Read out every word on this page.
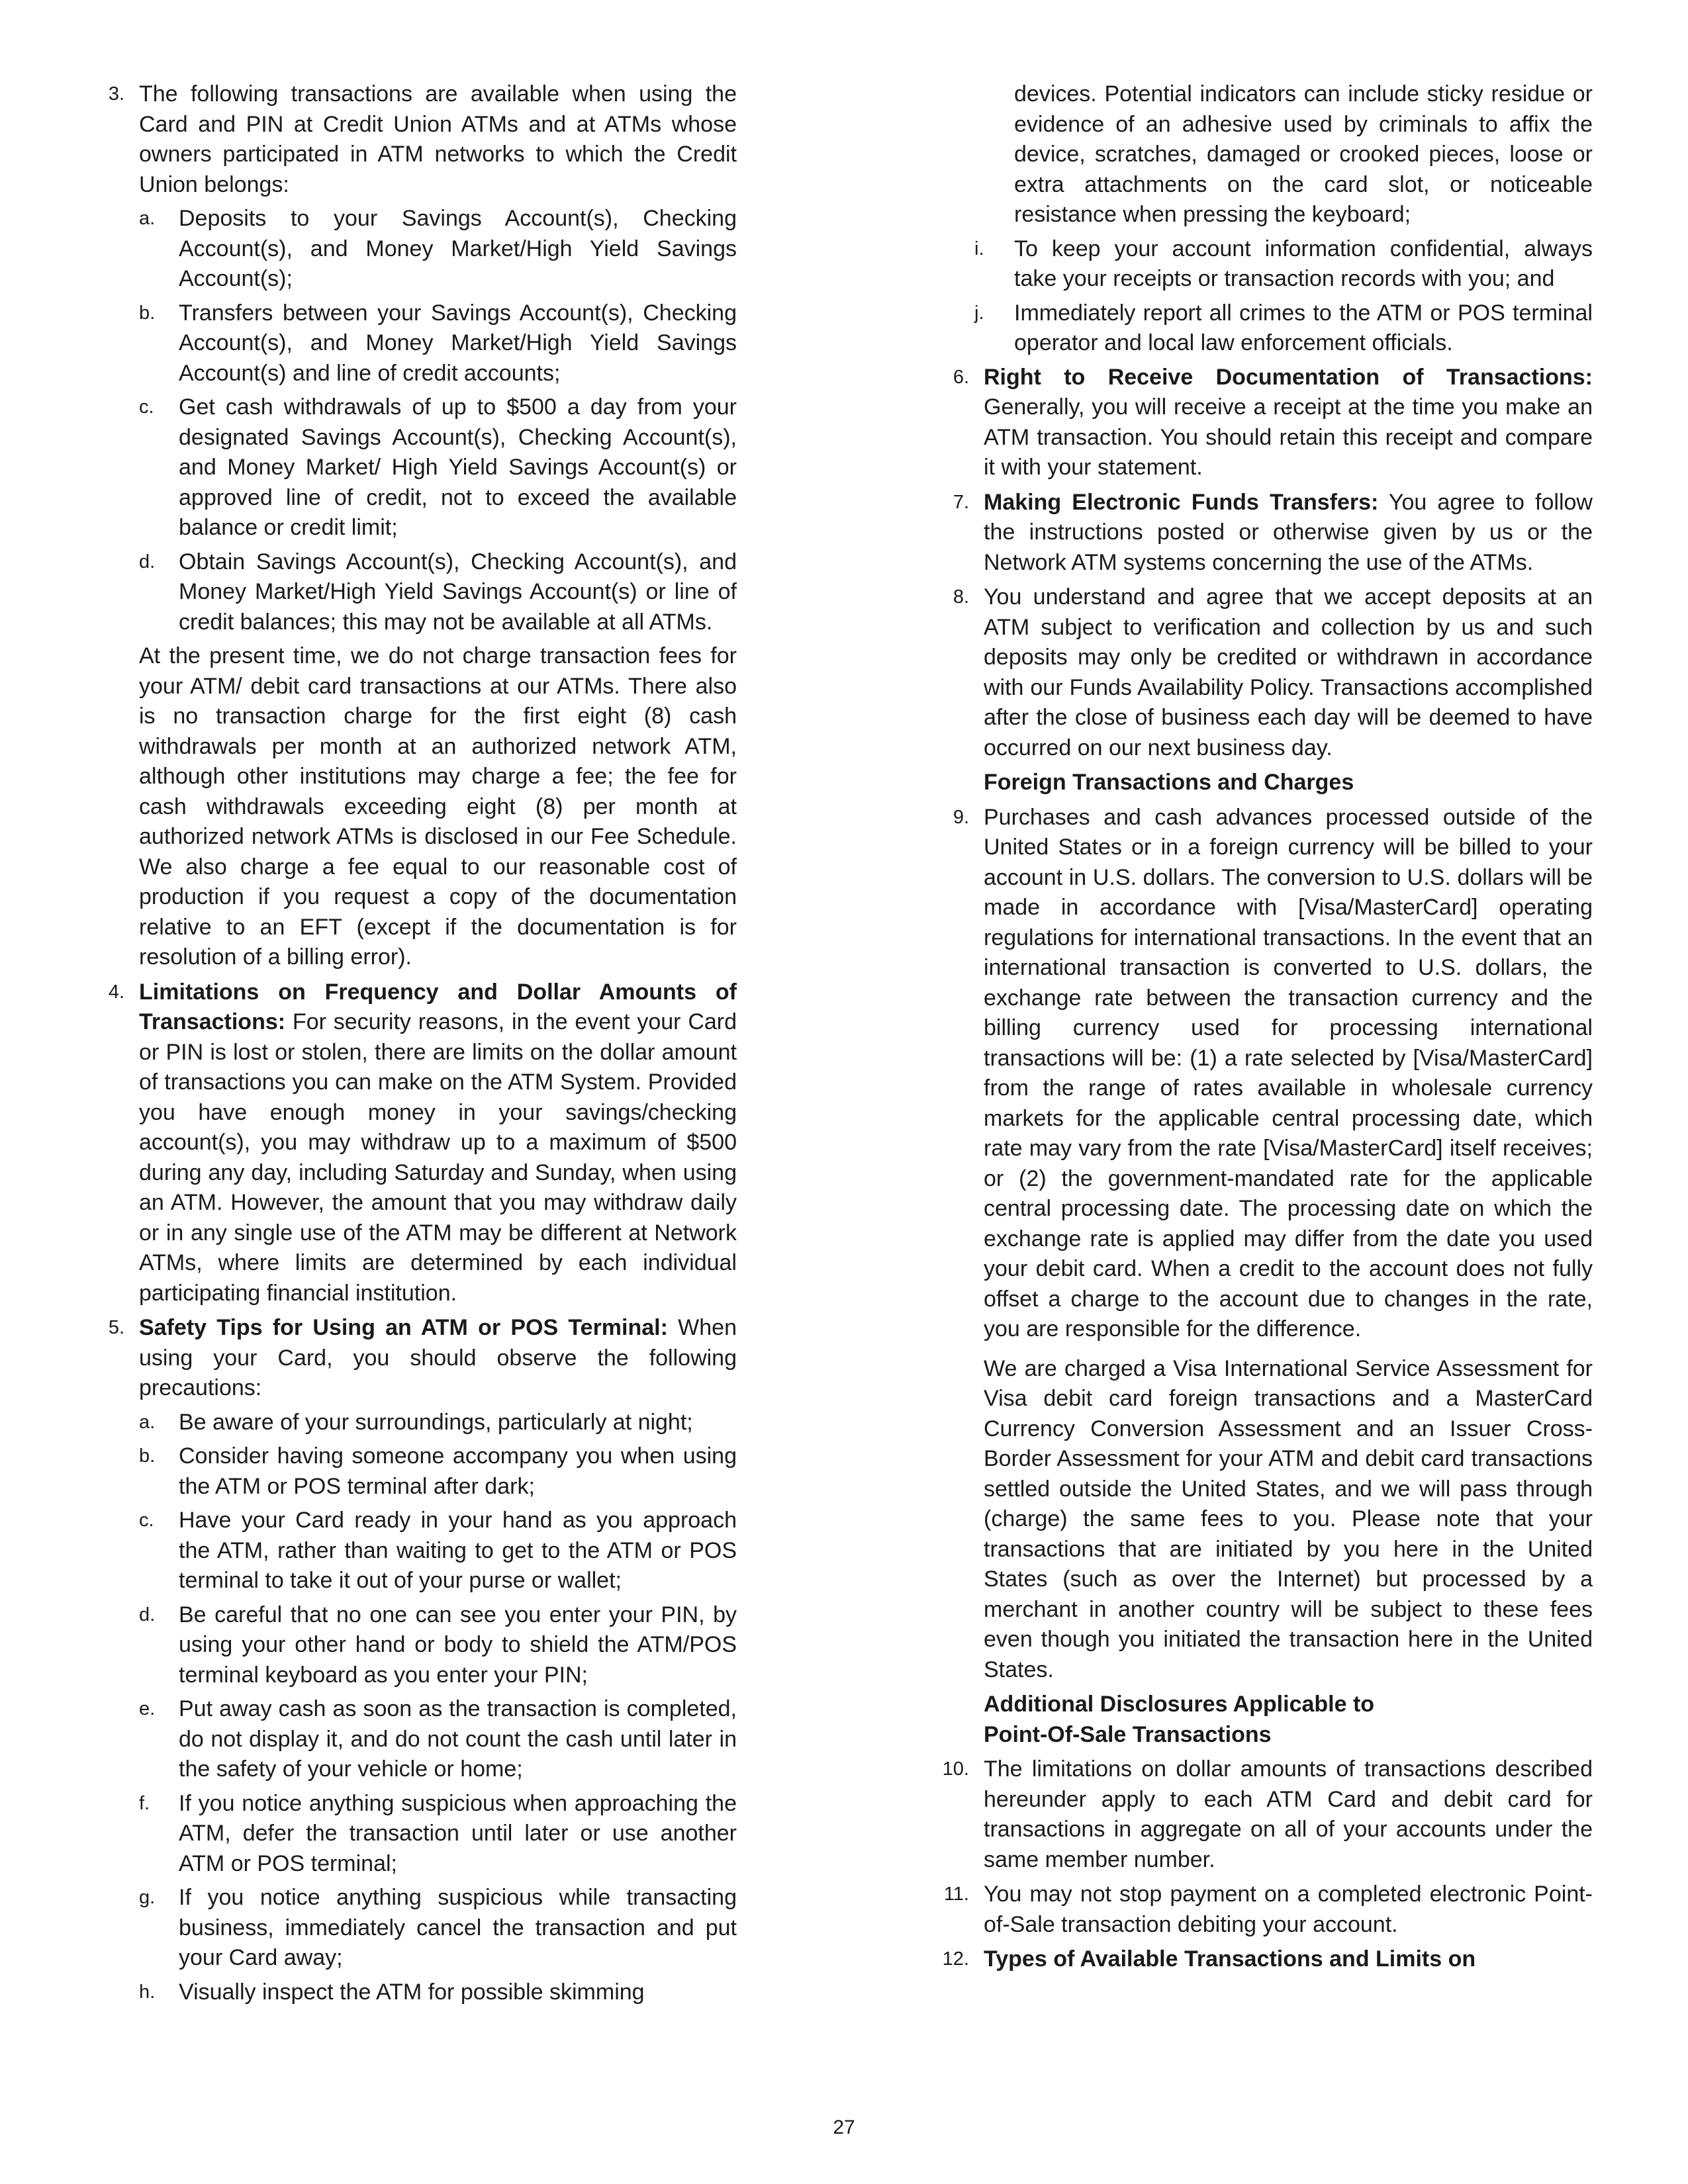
3. The following transactions are available when using the Card and PIN at Credit Union ATMs and at ATMs whose owners participated in ATM networks to which the Credit Union belongs:

a.	Deposits to your Savings Account(s), Checking Account(s), and Money Market/High Yield Savings Account(s);

b.	Transfers between your Savings Account(s), Checking Account(s), and Money Market/High Yield Savings Account(s) and line of credit accounts;

c.	Get cash withdrawals of up to $500 a day from your designated Savings Account(s), Checking Account(s), and Money Market/ High Yield Savings Account(s) or approved line of credit, not to exceed the available balance or credit limit;

d.	Obtain Savings Account(s), Checking Account(s), and Money Market/High Yield Savings Account(s) or line of credit balances; this may not be available at all ATMs.

At the present time, we do not charge transaction fees for your ATM/ debit card transactions at our ATMs. There also is no transaction charge for the first eight (8) cash withdrawals per month at an authorized network ATM, although other institutions may charge a fee; the fee for cash withdrawals exceeding eight (8) per month at authorized network ATMs is disclosed in our Fee Schedule. We also charge a fee equal to our reasonable cost of production if you request a copy of the documentation relative to an EFT (except if the documentation is for resolution of a billing error).

4. Limitations on Frequency and Dollar Amounts of Transactions: For security reasons, in the event your Card or PIN is lost or stolen, there are limits on the dollar amount of transactions you can make on the ATM System. Provided you have enough money in your savings/checking account(s), you may withdraw up to a maximum of $500 during any day, including Saturday and Sunday, when using an ATM. However, the amount that you may withdraw daily or in any single use of the ATM may be different at Network ATMs, where limits are determined by each individual participating financial institution.

5. Safety Tips for Using an ATM or POS Terminal: When using your Card, you should observe the following precautions:

a.	Be aware of your surroundings, particularly at night;

b.	Consider having someone accompany you when using the ATM or POS terminal after dark;

c.	Have your Card ready in your hand as you approach the ATM, rather than waiting to get to the ATM or POS terminal to take it out of your purse or wallet;

d.	Be careful that no one can see you enter your PIN, by using your other hand or body to shield the ATM/POS terminal keyboard as you enter your PIN;

e.	Put away cash as soon as the transaction is completed, do not display it, and do not count the cash until later in the safety of your vehicle or home;

f.	If you notice anything suspicious when approaching the ATM, defer the transaction until later or use another ATM or POS terminal;

g.	If you notice anything suspicious while transacting business, immediately cancel the transaction and put your Card away;

h.	Visually inspect the ATM for possible skimming

devices. Potential indicators can include sticky residue or evidence of an adhesive used by criminals to affix the device, scratches, damaged or crooked pieces, loose or extra attachments on the card slot, or noticeable resistance when pressing the keyboard;

i.	To keep your account information confidential, always take your receipts or transaction records with you; and

j.	Immediately report all crimes to the ATM or POS terminal operator and local law enforcement officials.

6. Right to Receive Documentation of Transactions: Generally, you will receive a receipt at the time you make an ATM transaction. You should retain this receipt and compare it with your statement.

7. Making Electronic Funds Transfers: You agree to follow the instructions posted or otherwise given by us or the Network ATM systems concerning the use of the ATMs.

8. You understand and agree that we accept deposits at an ATM subject to verification and collection by us and such deposits may only be credited or withdrawn in accordance with our Funds Availability Policy. Transactions accomplished after the close of business each day will be deemed to have occurred on our next business day.

Foreign Transactions and Charges

9. Purchases and cash advances processed outside of the United States or in a foreign currency will be billed to your account in U.S. dollars. The conversion to U.S. dollars will be made in accordance with [Visa/MasterCard] operating regulations for international transactions. In the event that an international transaction is converted to U.S. dollars, the exchange rate between the transaction currency and the billing currency used for processing international transactions will be: (1) a rate selected by [Visa/MasterCard] from the range of rates available in wholesale currency markets for the applicable central processing date, which rate may vary from the rate [Visa/MasterCard] itself receives; or (2) the government-mandated rate for the applicable central processing date. The processing date on which the exchange rate is applied may differ from the date you used your debit card. When a credit to the account does not fully offset a charge to the account due to changes in the rate, you are responsible for the difference.

We are charged a Visa International Service Assessment for Visa debit card foreign transactions and a MasterCard Currency Conversion Assessment and an Issuer Cross-Border Assessment for your ATM and debit card transactions settled outside the United States, and we will pass through (charge) the same fees to you. Please note that your transactions that are initiated by you here in the United States (such as over the Internet) but processed by a merchant in another country will be subject to these fees even though you initiated the transaction here in the United States.

Additional Disclosures Applicable to

Point-Of-Sale Transactions

10. The limitations on dollar amounts of transactions described hereunder apply to each ATM Card and debit card for transactions in aggregate on all of your accounts under the same member number.

11. You may not stop payment on a completed electronic Point-of-Sale transaction debiting your account.

12. Types of Available Transactions and Limits on

27
